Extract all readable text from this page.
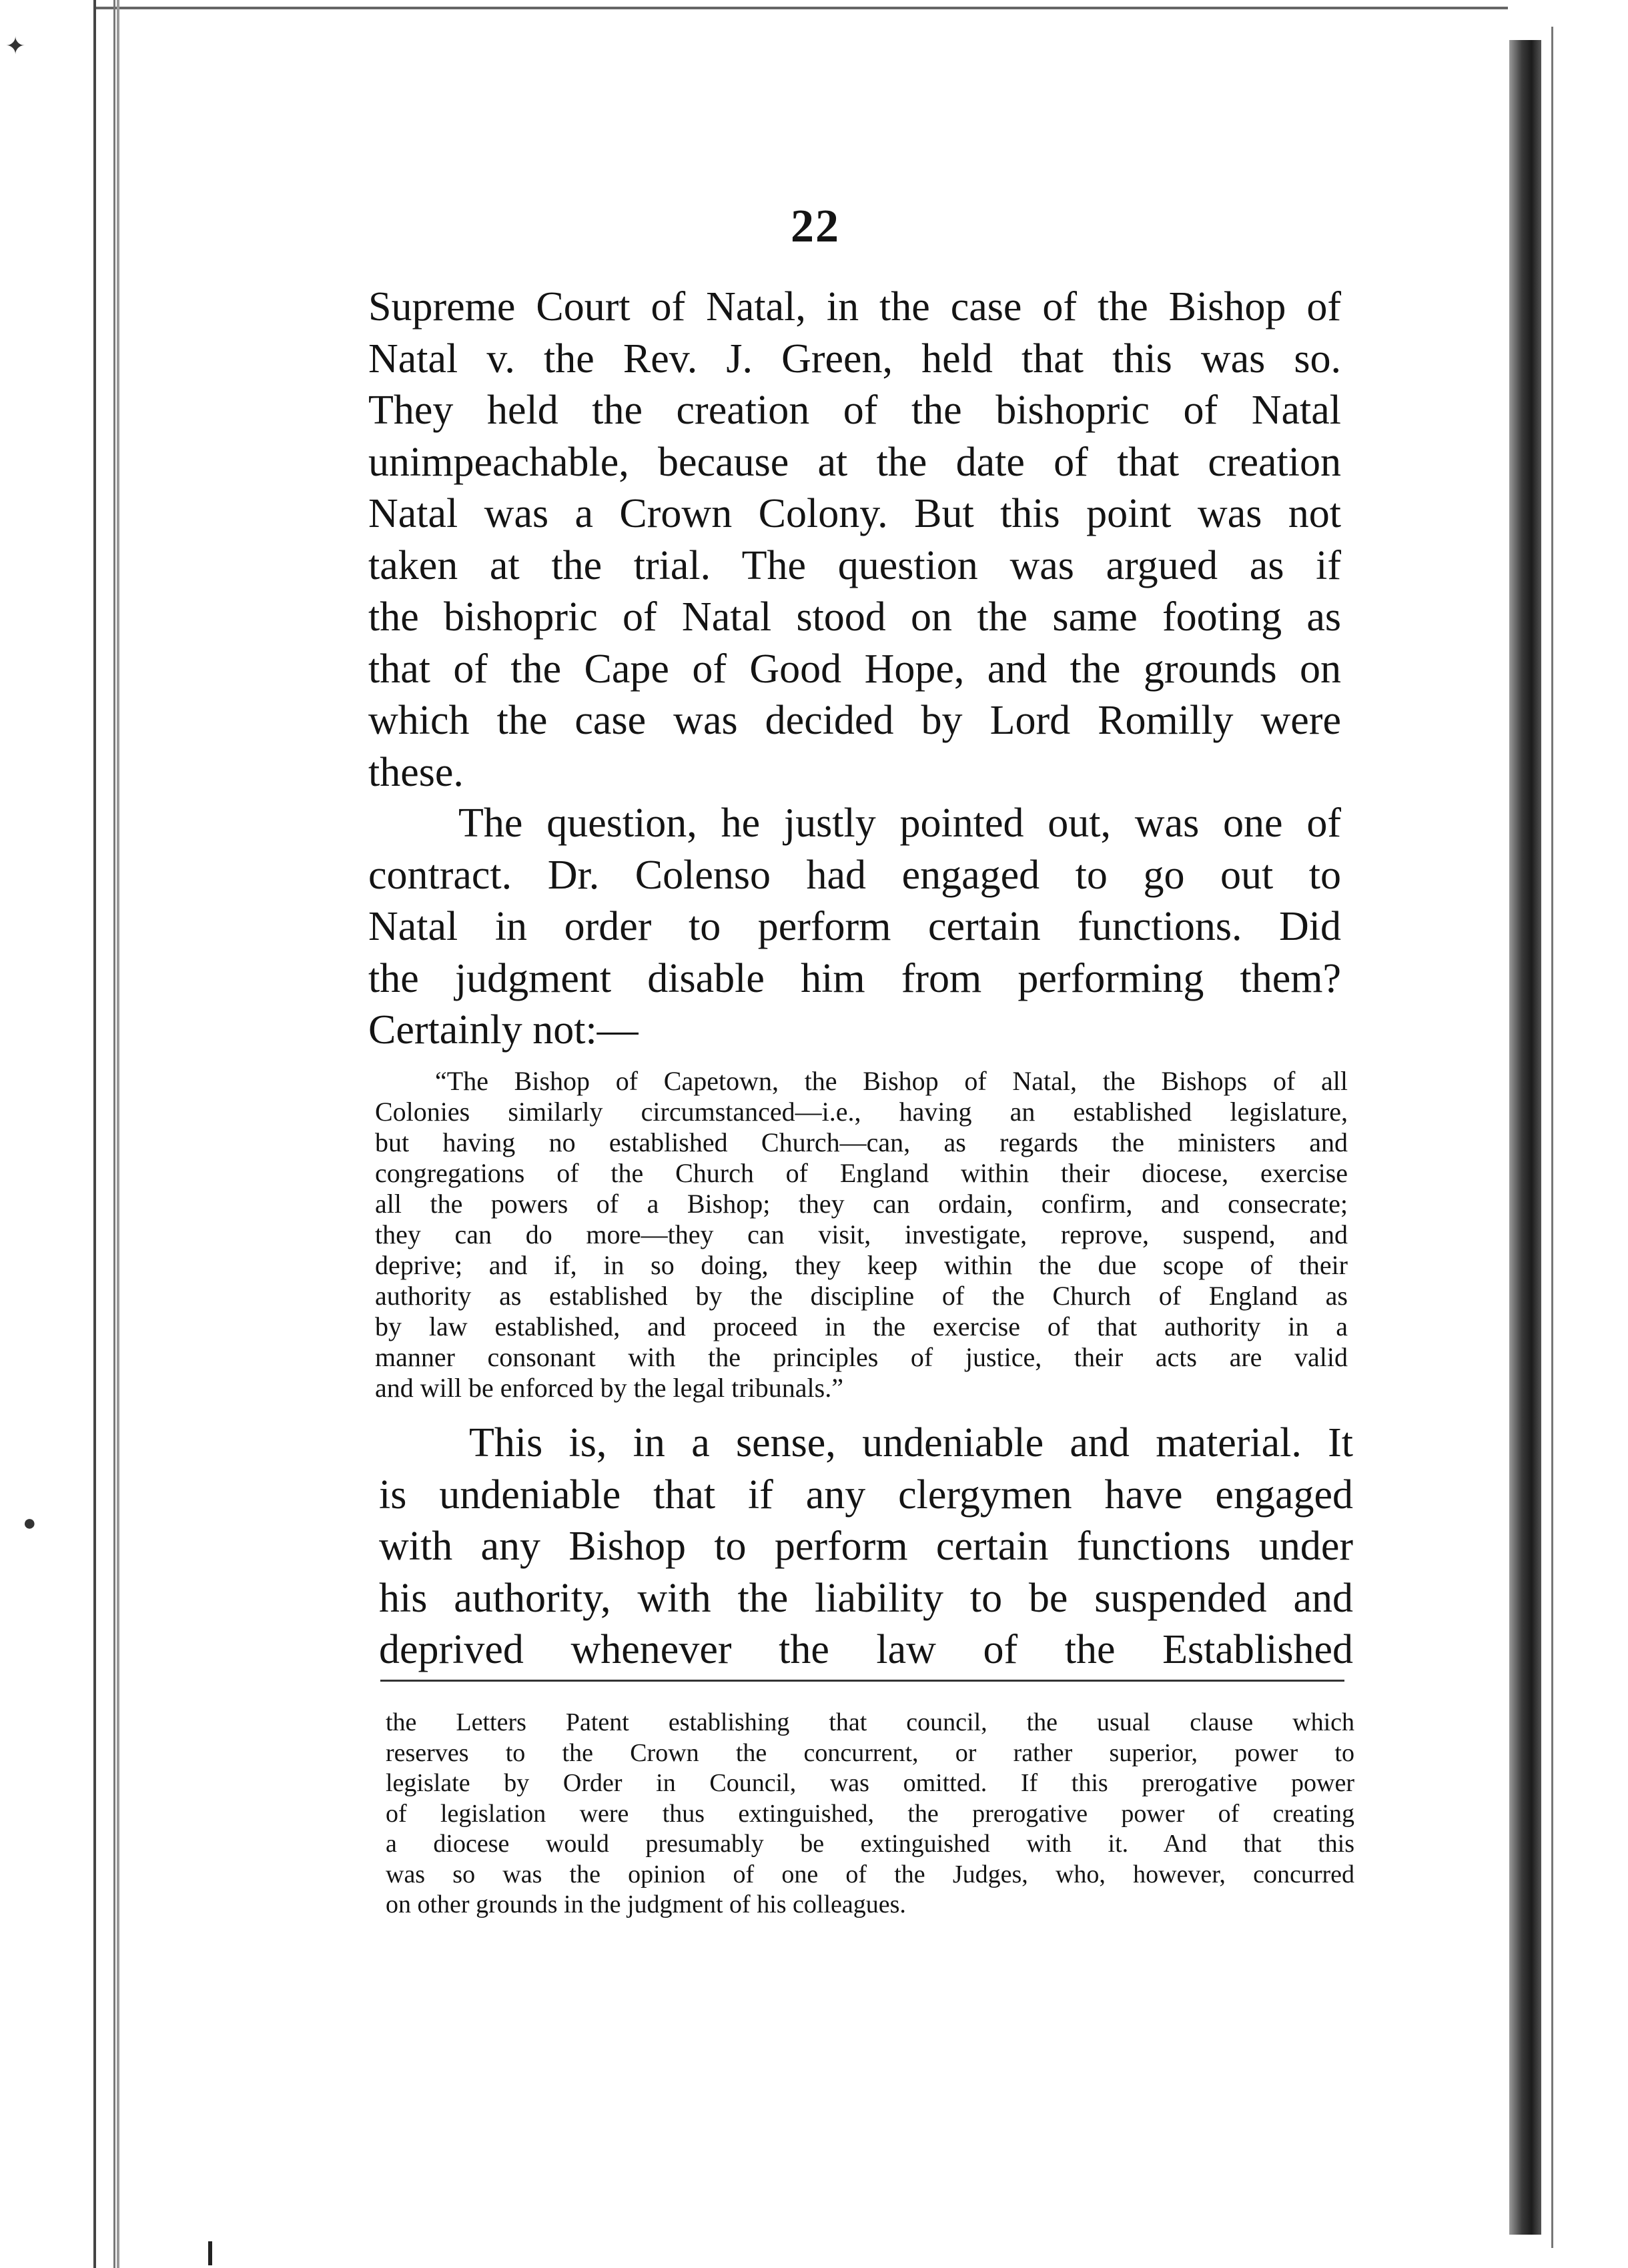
✦
●
22
Supreme Court of Natal, in the case of the Bishop of
Natal v. the Rev. J. Green, held that this was so.
They held the creation of the bishopric of Natal
unimpeachable, because at the date of that creation
Natal was a Crown Colony. But this point was not
taken at the trial. The question was argued as if
the bishopric of Natal stood on the same footing as
that of the Cape of Good Hope, and the grounds on
which the case was decided by Lord Romilly were
these.
The question, he justly pointed out, was one of
contract. Dr. Colenso had engaged to go out to
Natal in order to perform certain functions. Did
the judgment disable him from performing them?
Certainly not:—
“The Bishop of Capetown, the Bishop of Natal, the Bishops of all
Colonies similarly circumstanced—i.e., having an established legislature,
but having no established Church—can, as regards the ministers and
congregations of the Church of England within their diocese, exercise
all the powers of a Bishop; they can ordain, confirm, and consecrate;
they can do more—they can visit, investigate, reprove, suspend, and
deprive; and if, in so doing, they keep within the due scope of their
authority as established by the discipline of the Church of England as
by law established, and proceed in the exercise of that authority in a
manner consonant with the principles of justice, their acts are valid
and will be enforced by the legal tribunals.”
This is, in a sense, undeniable and material. It
is undeniable that if any clergymen have engaged
with any Bishop to perform certain functions under
his authority, with the liability to be suspended and
deprived whenever the law of the Established
the Letters Patent establishing that council, the usual clause which
reserves to the Crown the concurrent, or rather superior, power to
legislate by Order in Council, was omitted. If this prerogative power
of legislation were thus extinguished, the prerogative power of creating
a diocese would presumably be extinguished with it. And that this
was so was the opinion of one of the Judges, who, however, concurred
on other grounds in the judgment of his colleagues.
